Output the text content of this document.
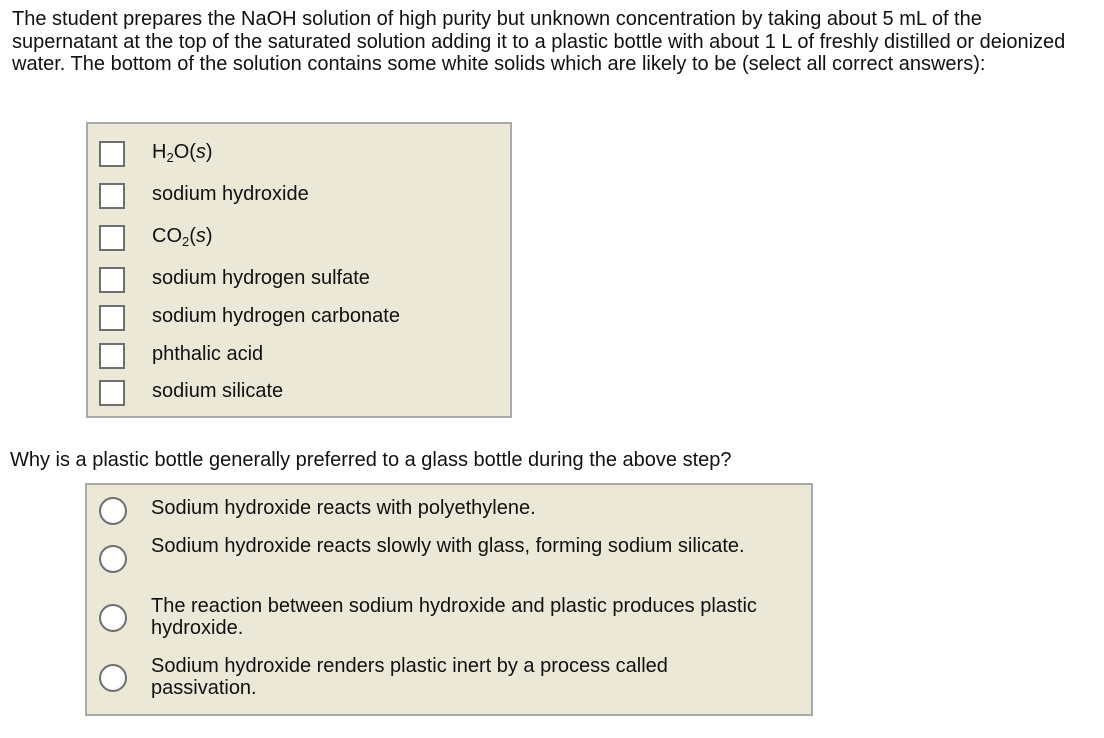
The student prepares the NaOH solution of high purity but unknown concentration by taking about 5 mL of the supernatant at the top of the saturated solution adding it to a plastic bottle with about 1 L of freshly distilled or deionized water. The bottom of the solution contains some white solids which are likely to be (select all correct answers):

$H_2O(s)$
sodium hydroxide
$CO_2(s)$
sodium hydrogen sulfate
sodium hydrogen carbonate
phthalic acid
sodium silicate

Why is a plastic bottle generally preferred to a glass bottle during the above step?

Sodium hydroxide reacts with polyethylene.
Sodium hydroxide reacts slowly with glass, forming sodium silicate.
The reaction between sodium hydroxide and plastic produces plastic hydroxide.
Sodium hydroxide renders plastic inert by a process called passivation.
